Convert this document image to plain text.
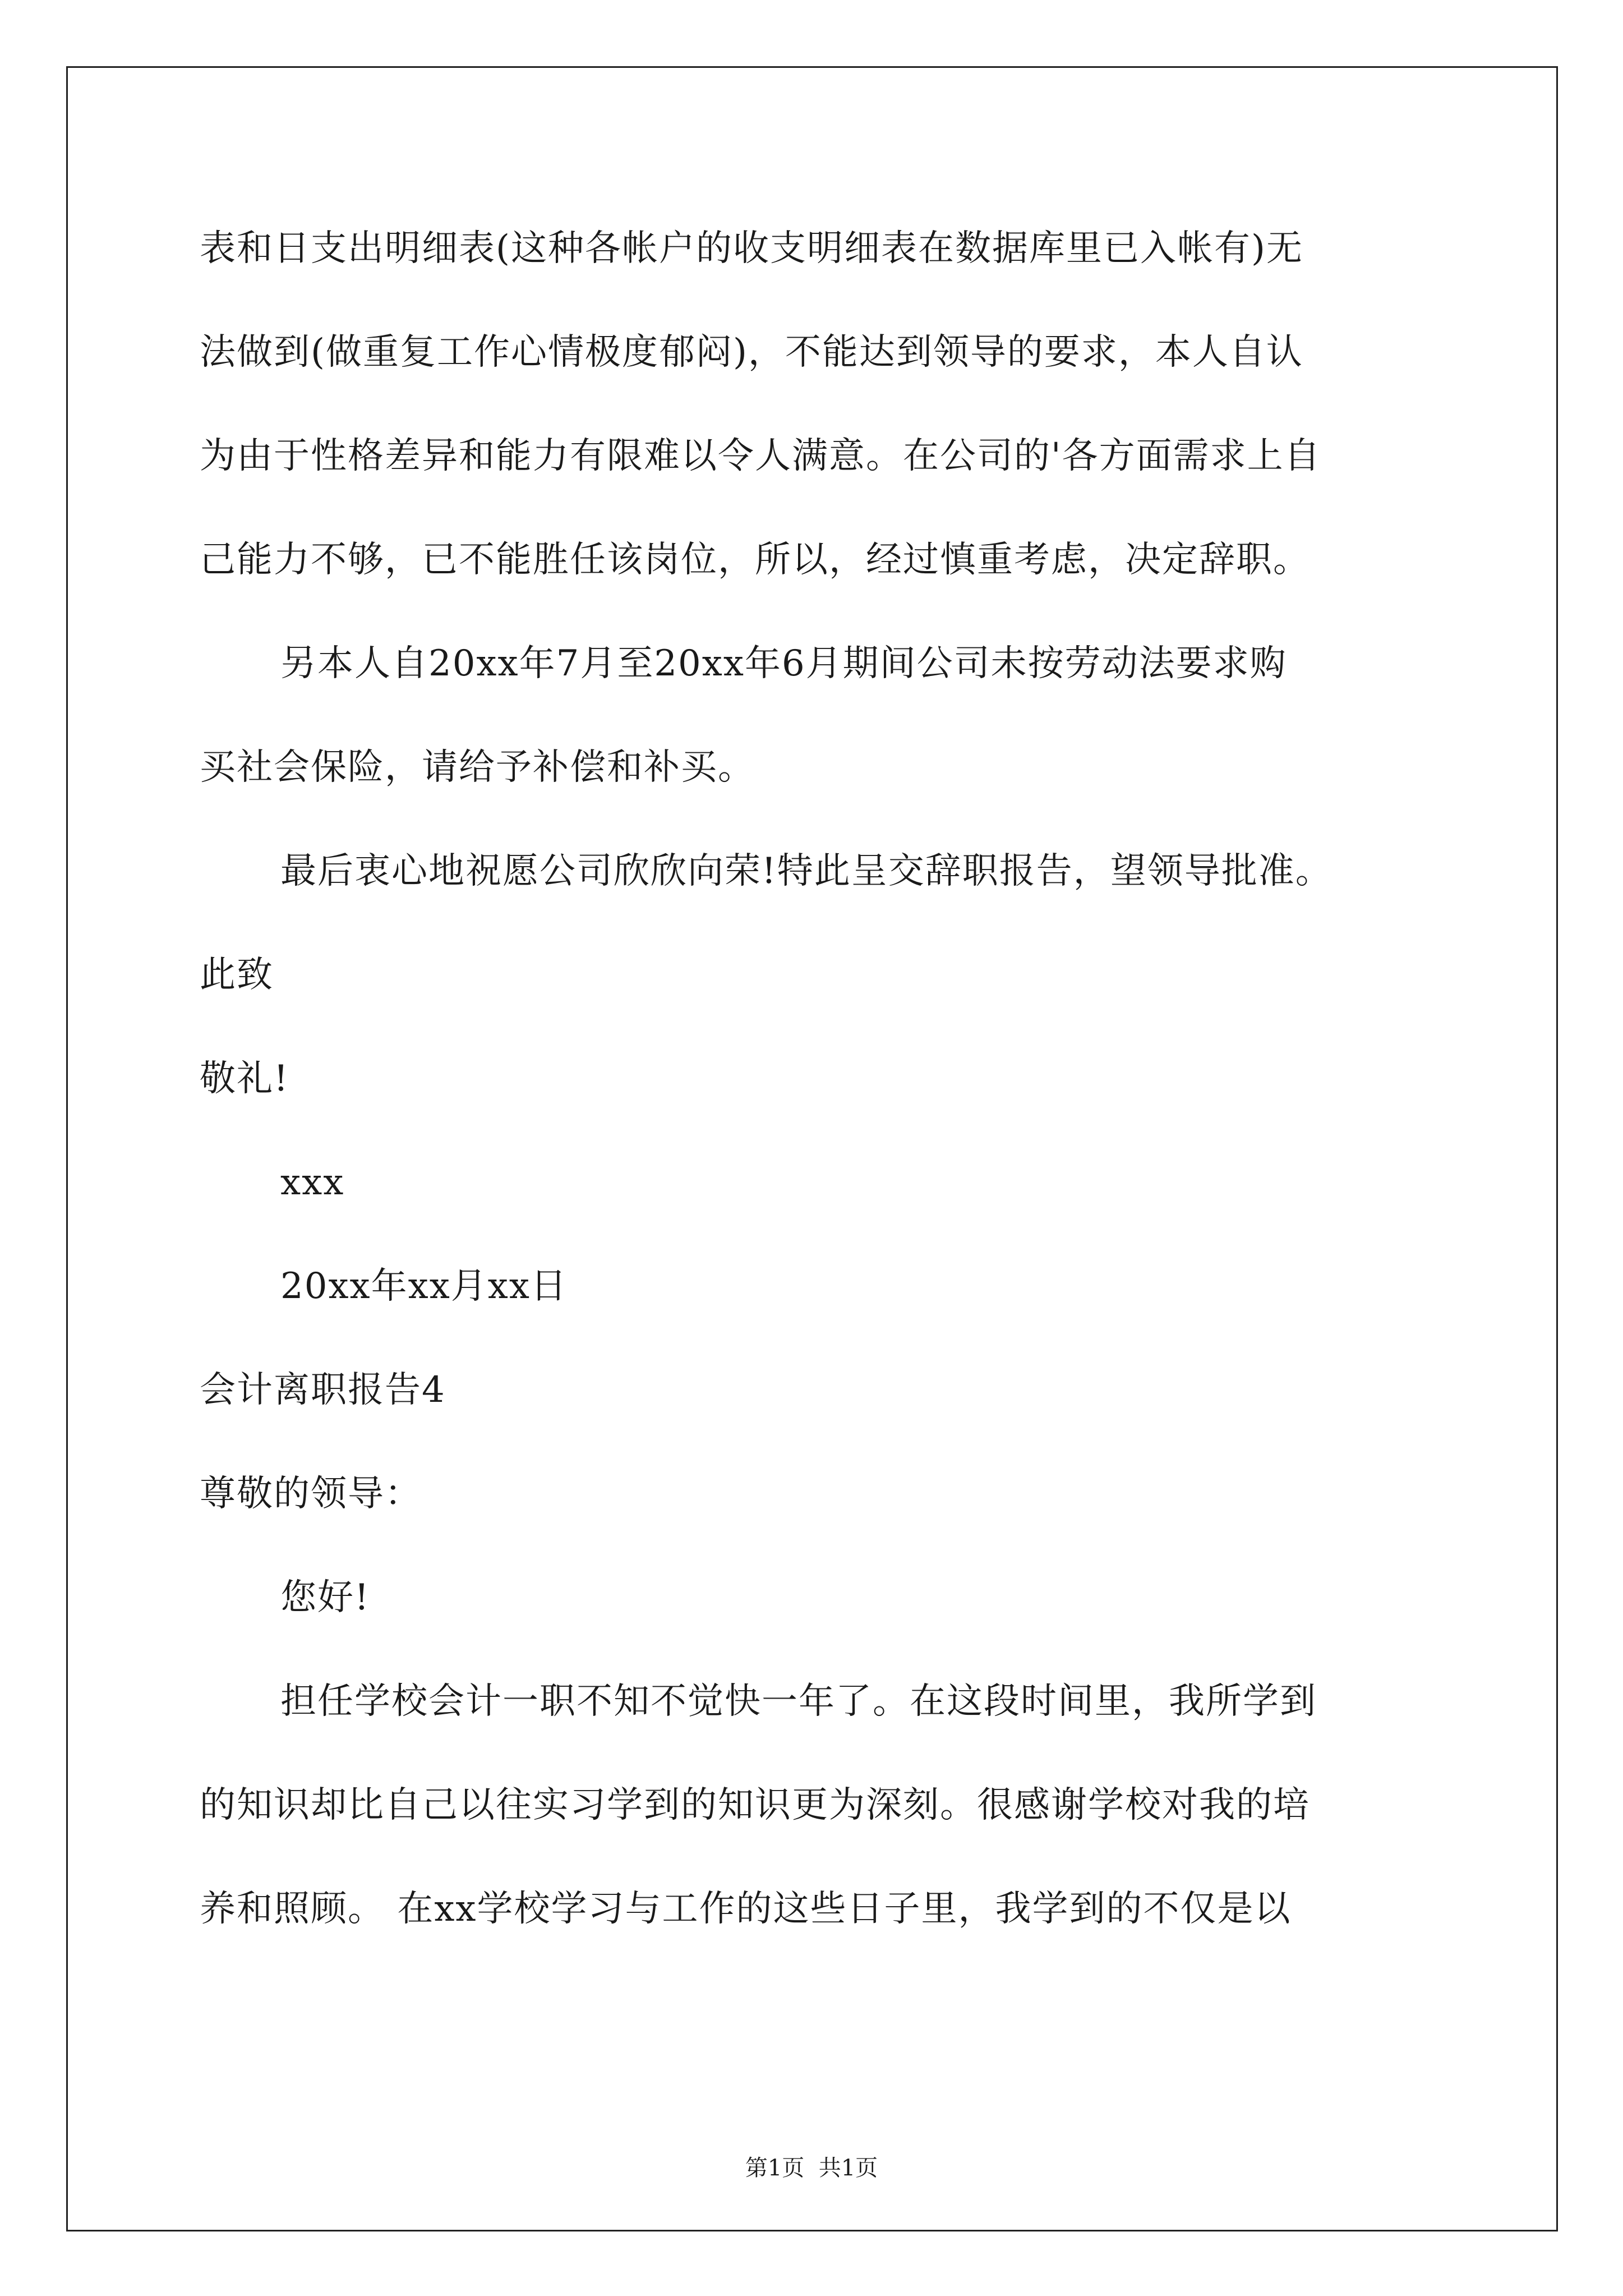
表和日支出明细表(这种各帐户的收支明细表在数据库里已入帐有)无
法做到(做重复工作心情极度郁闷)，不能达到领导的要求，本人自认
为由于性格差异和能力有限难以令人满意。在公司的'各方面需求上自
己能力不够，已不能胜任该岗位，所以，经过慎重考虑，决定辞职。
另本人自20xx年7月至20xx年6月期间公司未按劳动法要求购
买社会保险，请给予补偿和补买。
最后衷心地祝愿公司欣欣向荣!特此呈交辞职报告，望领导批准。
此致
敬礼!
xxx
20xx年xx月xx日
会计离职报告4
尊敬的领导：
您好!
担任学校会计一职不知不觉快一年了。在这段时间里，我所学到
的知识却比自己以往实习学到的知识更为深刻。很感谢学校对我的培
养和照顾。 在xx学校学习与工作的这些日子里，我学到的不仅是以
第1页  共1页
